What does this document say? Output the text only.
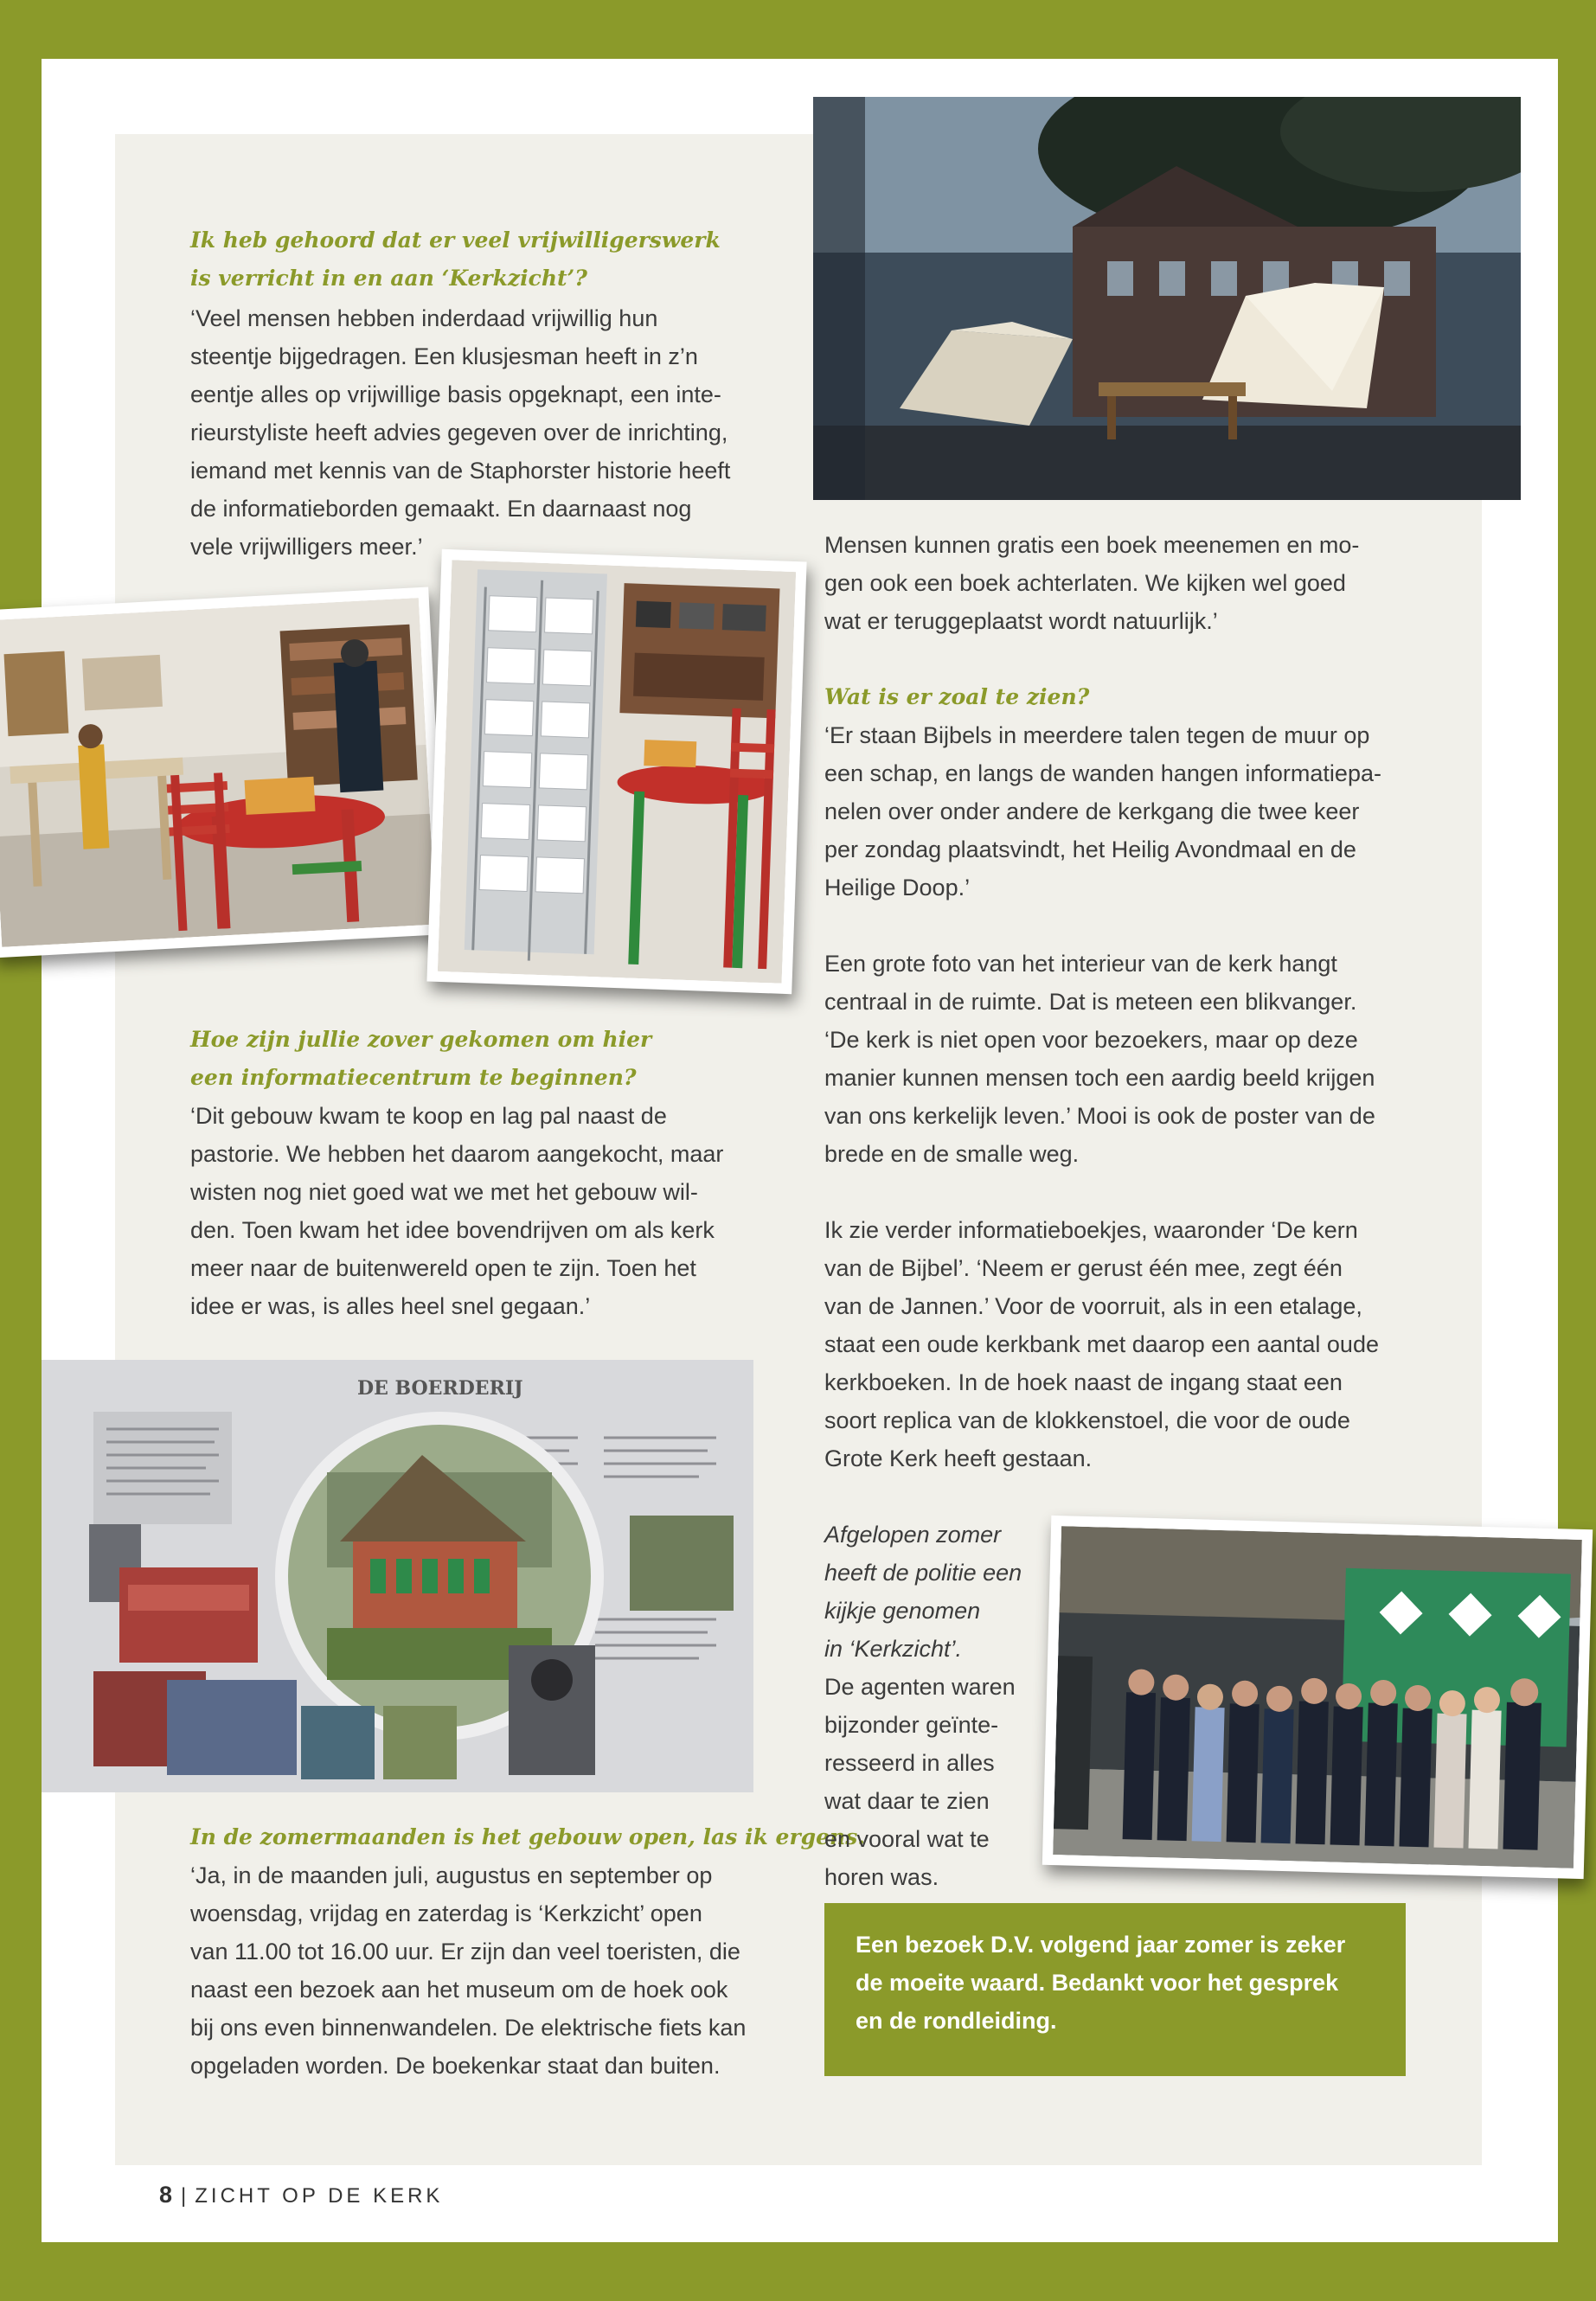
Ik heb gehoord dat er veel vrijwilligerswerk
is verricht in en aan ‘Kerkzicht’?

‘Veel mensen hebben inderdaad vrijwillig hun
steentje bijgedragen. Een klusjesman heeft in z’n
eentje alles op vrijwillige basis opgeknapt, een inte-
rieurstyliste heeft advies gegeven over de inrichting,
iemand met kennis van de Staphorster historie heeft
de informatieborden gemaakt. En daarnaast nog
vele vrijwilligers meer.’

Hoe zijn jullie zover gekomen om hier
een informatiecentrum te beginnen?

‘Dit gebouw kwam te koop en lag pal naast de
pastorie. We hebben het daarom aangekocht, maar
wisten nog niet goed wat we met het gebouw wil-
den. Toen kwam het idee bovendrijven om als kerk
meer naar de buitenwereld open te zijn. Toen het
idee er was, is alles heel snel gegaan.’

DE BOERDERIJ

In de zomermaanden is het gebouw open, las ik ergens.

‘Ja, in de maanden juli, augustus en september op
woensdag, vrijdag en zaterdag is ‘Kerkzicht’ open
van 11.00 tot 16.00 uur. Er zijn dan veel toeristen, die
naast een bezoek aan het museum om de hoek ook
bij ons even binnenwandelen. De elektrische fiets kan
opgeladen worden. De boekenkar staat dan buiten.

Mensen kunnen gratis een boek meenemen en mo-
gen ook een boek achterlaten. We kijken wel goed
wat er teruggeplaatst wordt natuurlijk.’

Wat is er zoal te zien?

‘Er staan Bijbels in meerdere talen tegen de muur op
een schap, en langs de wanden hangen informatiepa-
nelen over onder andere de kerkgang die twee keer
per zondag plaatsvindt, het Heilig Avondmaal en de
Heilige Doop.’

Een grote foto van het interieur van de kerk hangt
centraal in de ruimte. Dat is meteen een blikvanger.
‘De kerk is niet open voor bezoekers, maar op deze
manier kunnen mensen toch een aardig beeld krijgen
van ons kerkelijk leven.’ Mooi is ook de poster van de
brede en de smalle weg.

Ik zie verder informatieboekjes, waaronder ‘De kern
van de Bijbel’. ‘Neem er gerust één mee, zegt één
van de Jannen.’ Voor de voorruit, als in een etalage,
staat een oude kerkbank met daarop een aantal oude
kerkboeken. In de hoek naast de ingang staat een
soort replica van de klokkenstoel, die voor de oude
Grote Kerk heeft gestaan.

Afgelopen zomer
heeft de politie een
kijkje genomen
in ‘Kerkzicht’.
De agenten waren
bijzonder geïnte-
resseerd in alles
wat daar te zien
en vooral wat te
horen was.

Een bezoek D.V. volgend jaar zomer is zeker
de moeite waard. Bedankt voor het gesprek
en de rondleiding.
8 | ZICHT OP DE KERK
